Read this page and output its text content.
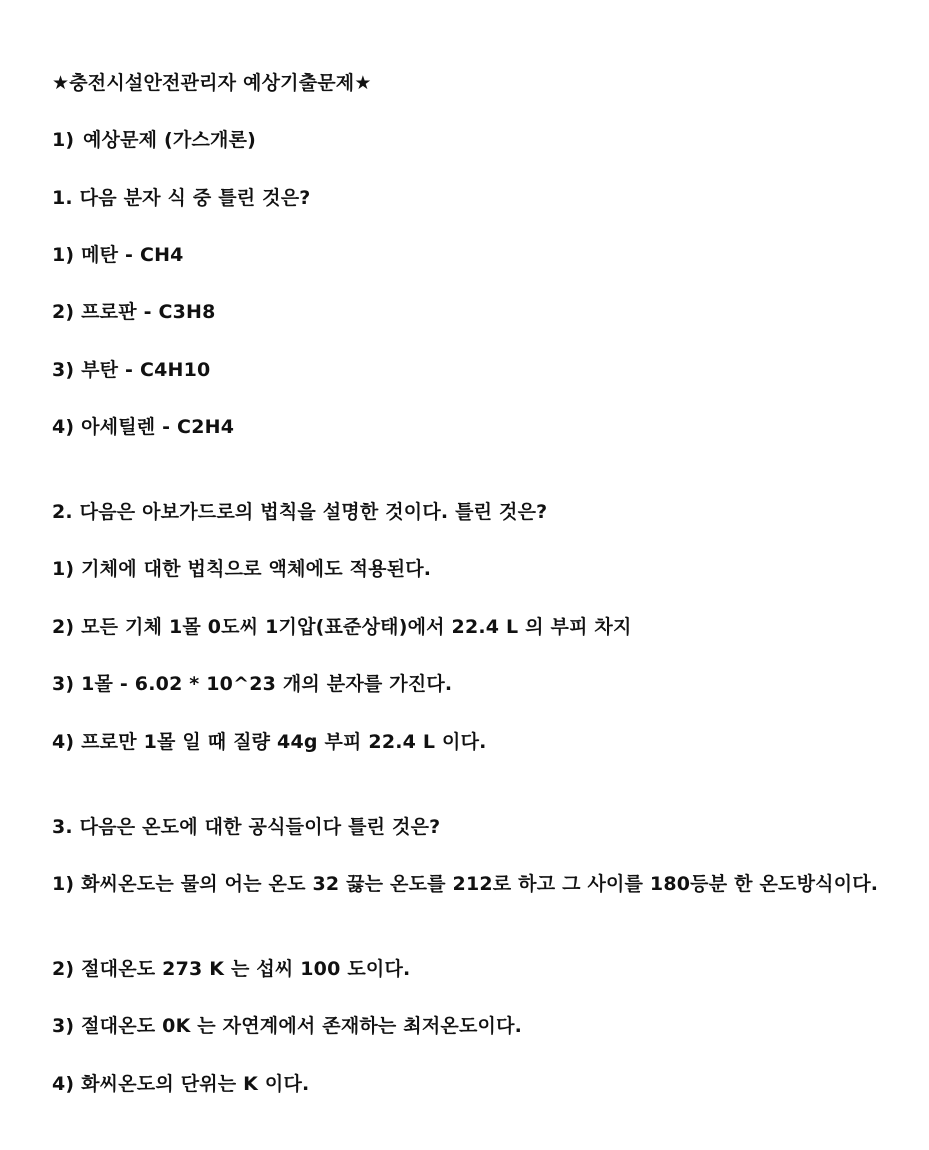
★충전시설안전관리자 예상기출문제★
1) 예상문제 (가스개론)
1. 다음 분자 식 중 틀린 것은?
1) 메탄 - CH4
2) 프로판 - C3H8
3) 부탄 - C4H10
4) 아세틸렌 - C2H4
2. 다음은 아보가드로의 법칙을 설명한 것이다. 틀린 것은?
1) 기체에 대한 법칙으로 액체에도 적용된다.
2) 모든 기체 1몰 0도씨 1기압(표준상태)에서 22.4 L 의 부피 차지
3) 1몰 - 6.02 * 10^23 개의 분자를 가진다.
4) 프로만 1몰 일 때 질량 44g 부피 22.4 L 이다.
3. 다음은 온도에 대한 공식들이다 틀린 것은?
1) 화씨온도는 물의 어는 온도 32 끓는 온도를 212로 하고 그 사이를 180등분 한 온도방식이다.
2) 절대온도 273 K 는 섭씨 100 도이다.
3) 절대온도 0K 는 자연계에서 존재하는 최저온도이다.
4) 화씨온도의 단위는 K 이다.
